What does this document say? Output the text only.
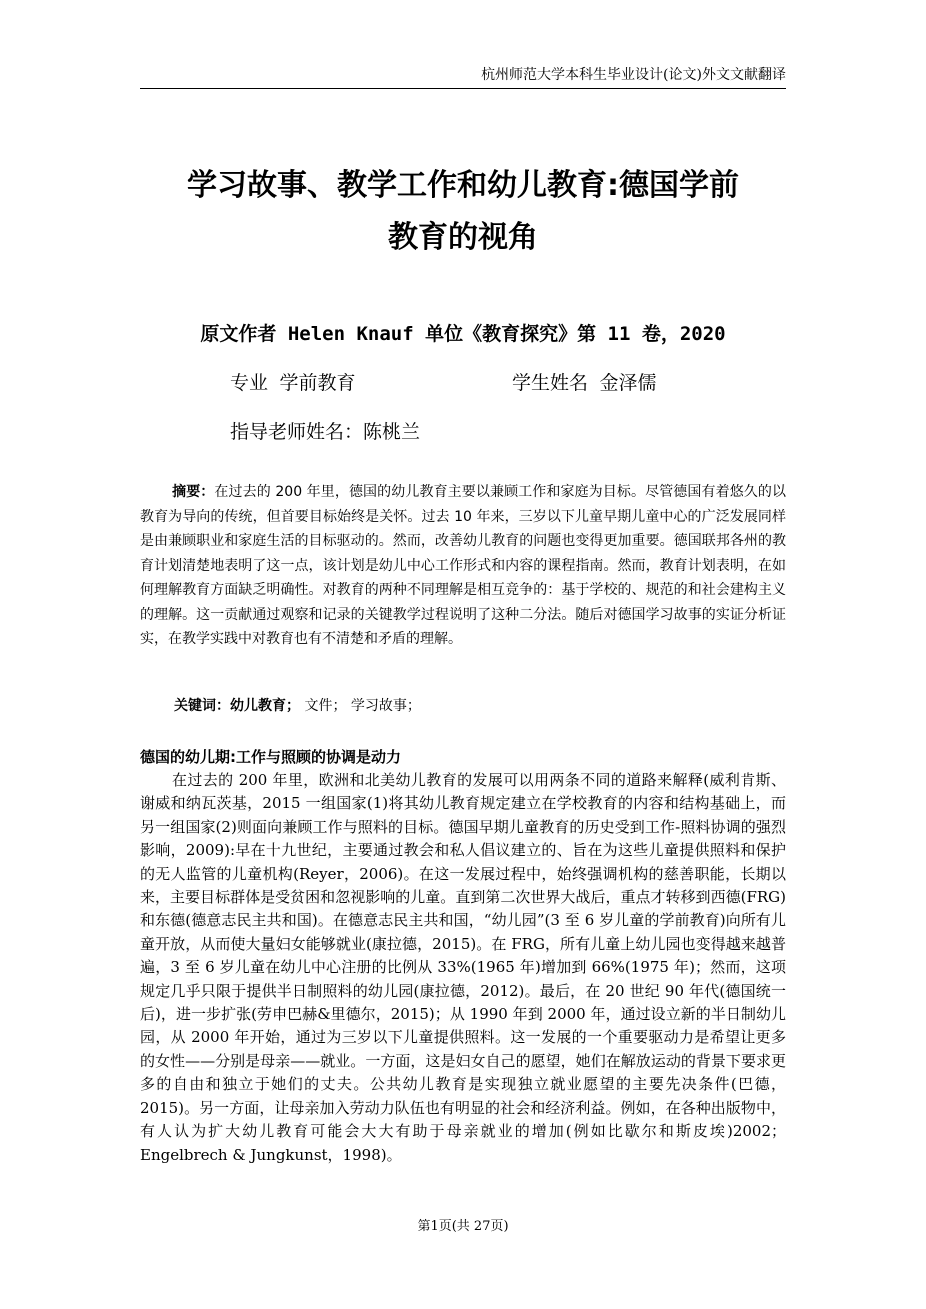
杭州师范大学本科生毕业设计(论文)外文文献翻译
学习故事、教学工作和幼儿教育:德国学前
教育的视角
原文作者 Helen Knauf 单位《教育探究》第 11 卷，2020
专业 学前教育	学生姓名 金泽儒
指导老师姓名：陈桃兰
摘要：在过去的 200 年里，德国的幼儿教育主要以兼顾工作和家庭为目标。尽管德国有着悠久的以教育为导向的传统，但首要目标始终是关怀。过去 10 年来，三岁以下儿童早期儿童中心的广泛发展同样是由兼顾职业和家庭生活的目标驱动的。然而，改善幼儿教育的问题也变得更加重要。德国联邦各州的教育计划清楚地表明了这一点，该计划是幼儿中心工作形式和内容的课程指南。然而，教育计划表明，在如何理解教育方面缺乏明确性。对教育的两种不同理解是相互竞争的：基于学校的、规范的和社会建构主义的理解。这一贡献通过观察和记录的关键教学过程说明了这种二分法。随后对德国学习故事的实证分析证实，在教学实践中对教育也有不清楚和矛盾的理解。
关键词：幼儿教育； 文件； 学习故事；
德国的幼儿期:工作与照顾的协调是动力

在过去的 200 年里，欧洲和北美幼儿教育的发展可以用两条不同的道路来解释(威利肯斯、谢威和纳瓦茨基，2015 一组国家(1)将其幼儿教育规定建立在学校教育的内容和结构基础上，而另一组国家(2)则面向兼顾工作与照料的目标。德国早期儿童教育的历史受到工作-照料协调的强烈影响，2009):早在十九世纪，主要通过教会和私人倡议建立的、旨在为这些儿童提供照料和保护的无人监管的儿童机构(Reyer，2006)。在这一发展过程中，始终强调机构的慈善职能，长期以来，主要目标群体是受贫困和忽视影响的儿童。直到第二次世界大战后，重点才转移到西德(FRG)和东德(德意志民主共和国)。在德意志民主共和国，“幼儿园”(3 至 6 岁儿童的学前教育)向所有儿童开放，从而使大量妇女能够就业(康拉德，2015)。在 FRG，所有儿童上幼儿园也变得越来越普遍，3 至 6 岁儿童在幼儿中心注册的比例从 33%(1965 年)增加到 66%(1975 年)；然而，这项规定几乎只限于提供半日制照料的幼儿园(康拉德，2012)。最后，在 20 世纪 90 年代(德国统一后)，进一步扩张(劳申巴赫&里德尔，2015)；从 1990 年到 2000 年，通过设立新的半日制幼儿园，从 2000 年开始，通过为三岁以下儿童提供照料。这一发展的一个重要驱动力是希望让更多的女性——分别是母亲——就业。一方面，这是妇女自己的愿望，她们在解放运动的背景下要求更多的自由和独立于她们的丈夫。公共幼儿教育是实现独立就业愿望的主要先决条件(巴德，2015)。另一方面，让母亲加入劳动力队伍也有明显的社会和经济利益。例如，在各种出版物中，有人认为扩大幼儿教育可能会大大有助于母亲就业的增加(例如比歇尔和斯皮埃)2002；Engelbrech & Jungkunst，1998)。

第1页(共 27页)
